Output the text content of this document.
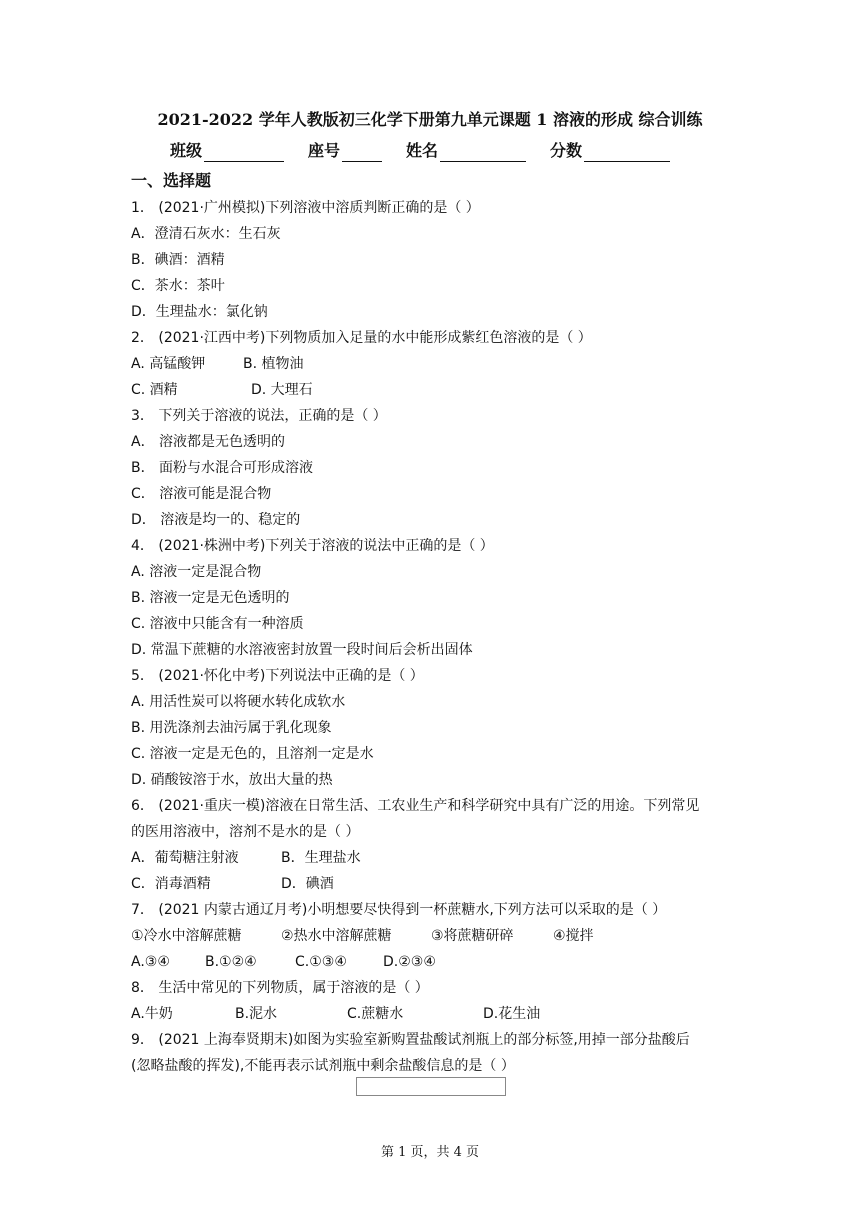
2021-2022 学年人教版初三化学下册第九单元课题 1 溶液的形成 综合训练
班级	座号	姓名	分数
一、选择题
1． (2021·广州模拟)下列溶液中溶质判断正确的是（ ）
A．澄清石灰水：生石灰
B．碘酒：酒精
C．茶水：茶叶
D．生理盐水：氯化钠
2． (2021·江西中考)下列物质加入足量的水中能形成紫红色溶液的是（ ）
A. 高锰酸钾	B. 植物油
C. 酒精	D. 大理石
3． 下列关于溶液的说法，正确的是（ ）
A． 溶液都是无色透明的
B． 面粉与水混合可形成溶液
C． 溶液可能是混合物
D． 溶液是均一的、稳定的
4． (2021·株洲中考)下列关于溶液的说法中正确的是（ ）
A. 溶液一定是混合物
B. 溶液一定是无色透明的
C. 溶液中只能含有一种溶质
D. 常温下蔗糖的水溶液密封放置一段时间后会析出固体
5． (2021·怀化中考)下列说法中正确的是（ ）
A. 用活性炭可以将硬水转化成软水
B. 用洗涤剂去油污属于乳化现象
C. 溶液一定是无色的，且溶剂一定是水
D. 硝酸铵溶于水，放出大量的热
6． (2021·重庆一模)溶液在日常生活、工农业生产和科学研究中具有广泛的用途。下列常见
的医用溶液中，溶剂不是水的是（ ）
A．葡萄糖注射液	B．生理盐水
C．消毒酒精	D．碘酒
7． (2021 内蒙古通辽月考)小明想要尽快得到一杯蔗糖水,下列方法可以采取的是（ ）
①冷水中溶解蔗糖	②热水中溶解蔗糖	③将蔗糖研碎	④搅拌
A.③④	B.①②④	C.①③④	D.②③④
8． 生活中常见的下列物质，属于溶液的是（ ）
A.牛奶	B.泥水	C.蔗糖水	D.花生油
9． (2021 上海奉贤期末)如图为实验室新购置盐酸试剂瓶上的部分标签,用掉一部分盐酸后
(忽略盐酸的挥发),不能再表示试剂瓶中剩余盐酸信息的是（ ）
第 1 页，共 4 页
